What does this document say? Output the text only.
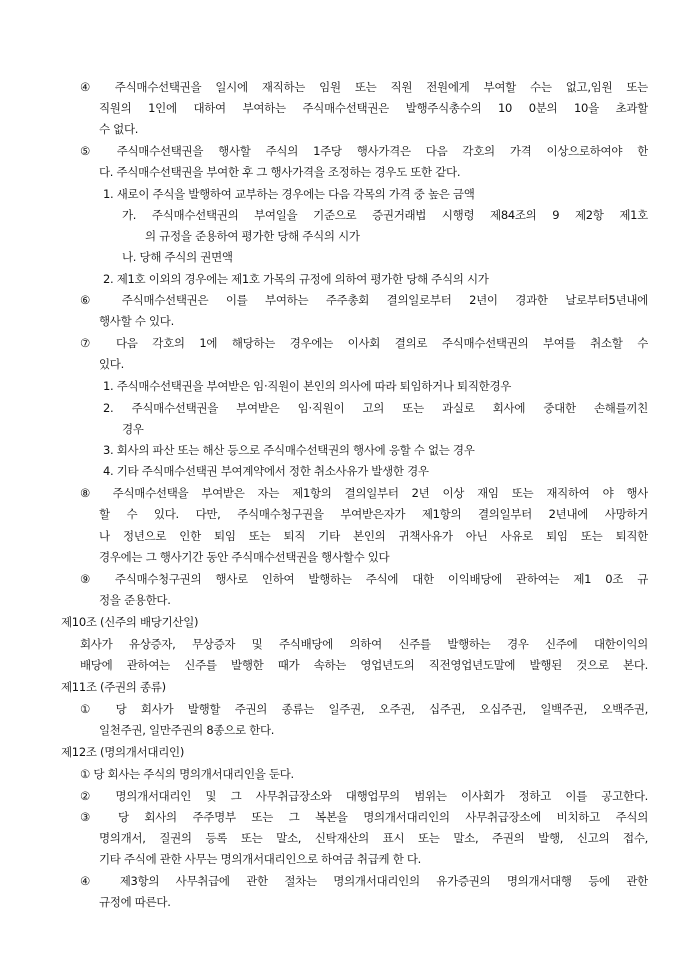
④ 주식매수선택권을 일시에 재직하는 임원 또는 직원 전원에게 부여할 수는 없고,임원 또는
직원의 1인에 대하여 부여하는 주식매수선택권은 발행주식총수의 10 0분의 10을 초과할
수 없다.
⑤ 주식매수선택권을 행사할 주식의 1주당 행사가격은 다음 각호의 가격 이상으로하여야 한
다. 주식매수선택권을 부여한 후 그 행사가격을 조정하는 경우도 또한 같다.
1. 새로이 주식을 발행하여 교부하는 경우에는 다음 각목의 가격 중 높은 금액
가. 주식매수선택권의 부여일을 기준으로 증권거래법 시행령 제84조의 9 제2항 제1호
의 규정을 준용하여 평가한 당해 주식의 시가
나. 당해 주식의 권면액
2. 제1호 이외의 경우에는 제1호 가목의 규정에 의하여 평가한 당해 주식의 시가
⑥ 주식매수선택권은 이를 부여하는 주주총회 결의일로부터 2년이 경과한 날로부터5년내에
행사할 수 있다.
⑦ 다음 각호의 1에 해당하는 경우에는 이사회 결의로 주식매수선택권의 부여를 취소할 수
있다.
1. 주식매수선택권을 부여받은 임·직원이 본인의 의사에 따라 퇴임하거나 퇴직한경우
2. 주식매수선택권을 부여받은 임·직원이 고의 또는 과실로 회사에 중대한 손해를끼친
경우
3. 회사의 파산 또는 해산 등으로 주식매수선택권의 행사에 응할 수 없는 경우
4. 기타 주식매수선택권 부여계약에서 정한 취소사유가 발생한 경우
⑧ 주식매수선택을 부여받은 자는 제1항의 결의일부터 2년 이상 재임 또는 재직하여 야 행사
할 수 있다. 다만, 주식매수청구권을 부여받은자가 제1항의 결의일부터 2년내에 사망하거
나 정년으로 인한 퇴임 또는 퇴직 기타 본인의 귀책사유가 아닌 사유로 퇴임 또는 퇴직한
경우에는 그 행사기간 동안 주식매수선택권을 행사할수 있다
⑨ 주식매수청구권의 행사로 인하여 발행하는 주식에 대한 이익배당에 관하여는 제1 0조 규
정을 준용한다.
제10조 (신주의 배당기산일)
회사가 유상증자, 무상증자 및 주식배당에 의하여 신주를 발행하는 경우 신주에 대한이익의
배당에 관하여는 신주를 발행한 때가 속하는 영업년도의 직전영업년도말에 발행된 것으로 본다.
제11조 (주권의 종류)
① 당 회사가 발행할 주권의 종류는 일주권, 오주권, 십주권, 오십주권, 일백주권, 오백주권,
일천주권, 일만주권의 8종으로 한다.
제12조 (명의개서대리인)
① 당 회사는 주식의 명의개서대리인을 둔다.
② 명의개서대리인 및 그 사무취급장소와 대행업무의 범위는 이사회가 정하고 이를 공고한다.
③ 당 회사의 주주명부 또는 그 복본을 명의개서대리인의 사무취급장소에 비치하고 주식의
명의개서, 질권의 등록 또는 말소, 신탁재산의 표시 또는 말소, 주권의 발행, 신고의 접수,
기타 주식에 관한 사무는 명의개서대리인으로 하여금 취급케 한 다.
④ 제3항의 사무취급에 관한 절차는 명의개서대리인의 유가증권의 명의개서대행 등에 관한
규정에 따른다.
